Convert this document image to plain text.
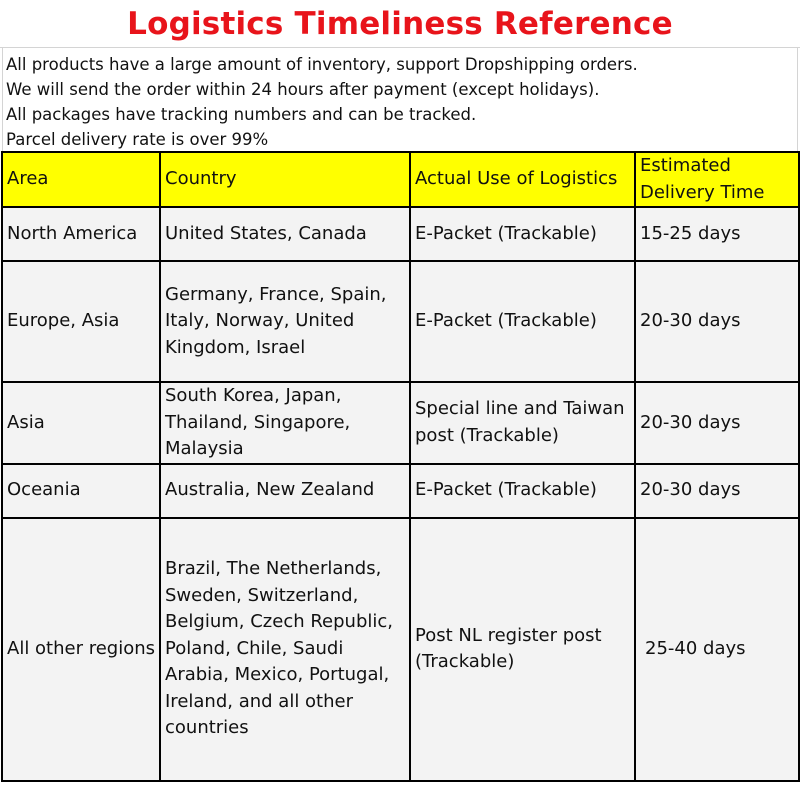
Logistics Timeliness Reference
All products have a large amount of inventory, support Dropshipping orders.
We will send the order within 24 hours after payment (except holidays).
All packages have tracking numbers and can be tracked.
Parcel delivery rate is over 99%
Area	Country	Actual Use of Logistics	Estimated Delivery Time
North America	United States, Canada	E-Packet (Trackable)	15-25 days
Europe, Asia	Germany, France, Spain, Italy, Norway, United Kingdom, Israel	E-Packet (Trackable)	20-30 days
Asia	South Korea, Japan, Thailand, Singapore, Malaysia	Special line and Taiwan post (Trackable)	20-30 days
Oceania	Australia, New Zealand	E-Packet (Trackable)	20-30 days
All other regions	Brazil, The Netherlands, Sweden, Switzerland, Belgium, Czech Republic, Poland, Chile, Saudi Arabia, Mexico, Portugal, Ireland, and all other countries	Post NL register post (Trackable)	25-40 days
